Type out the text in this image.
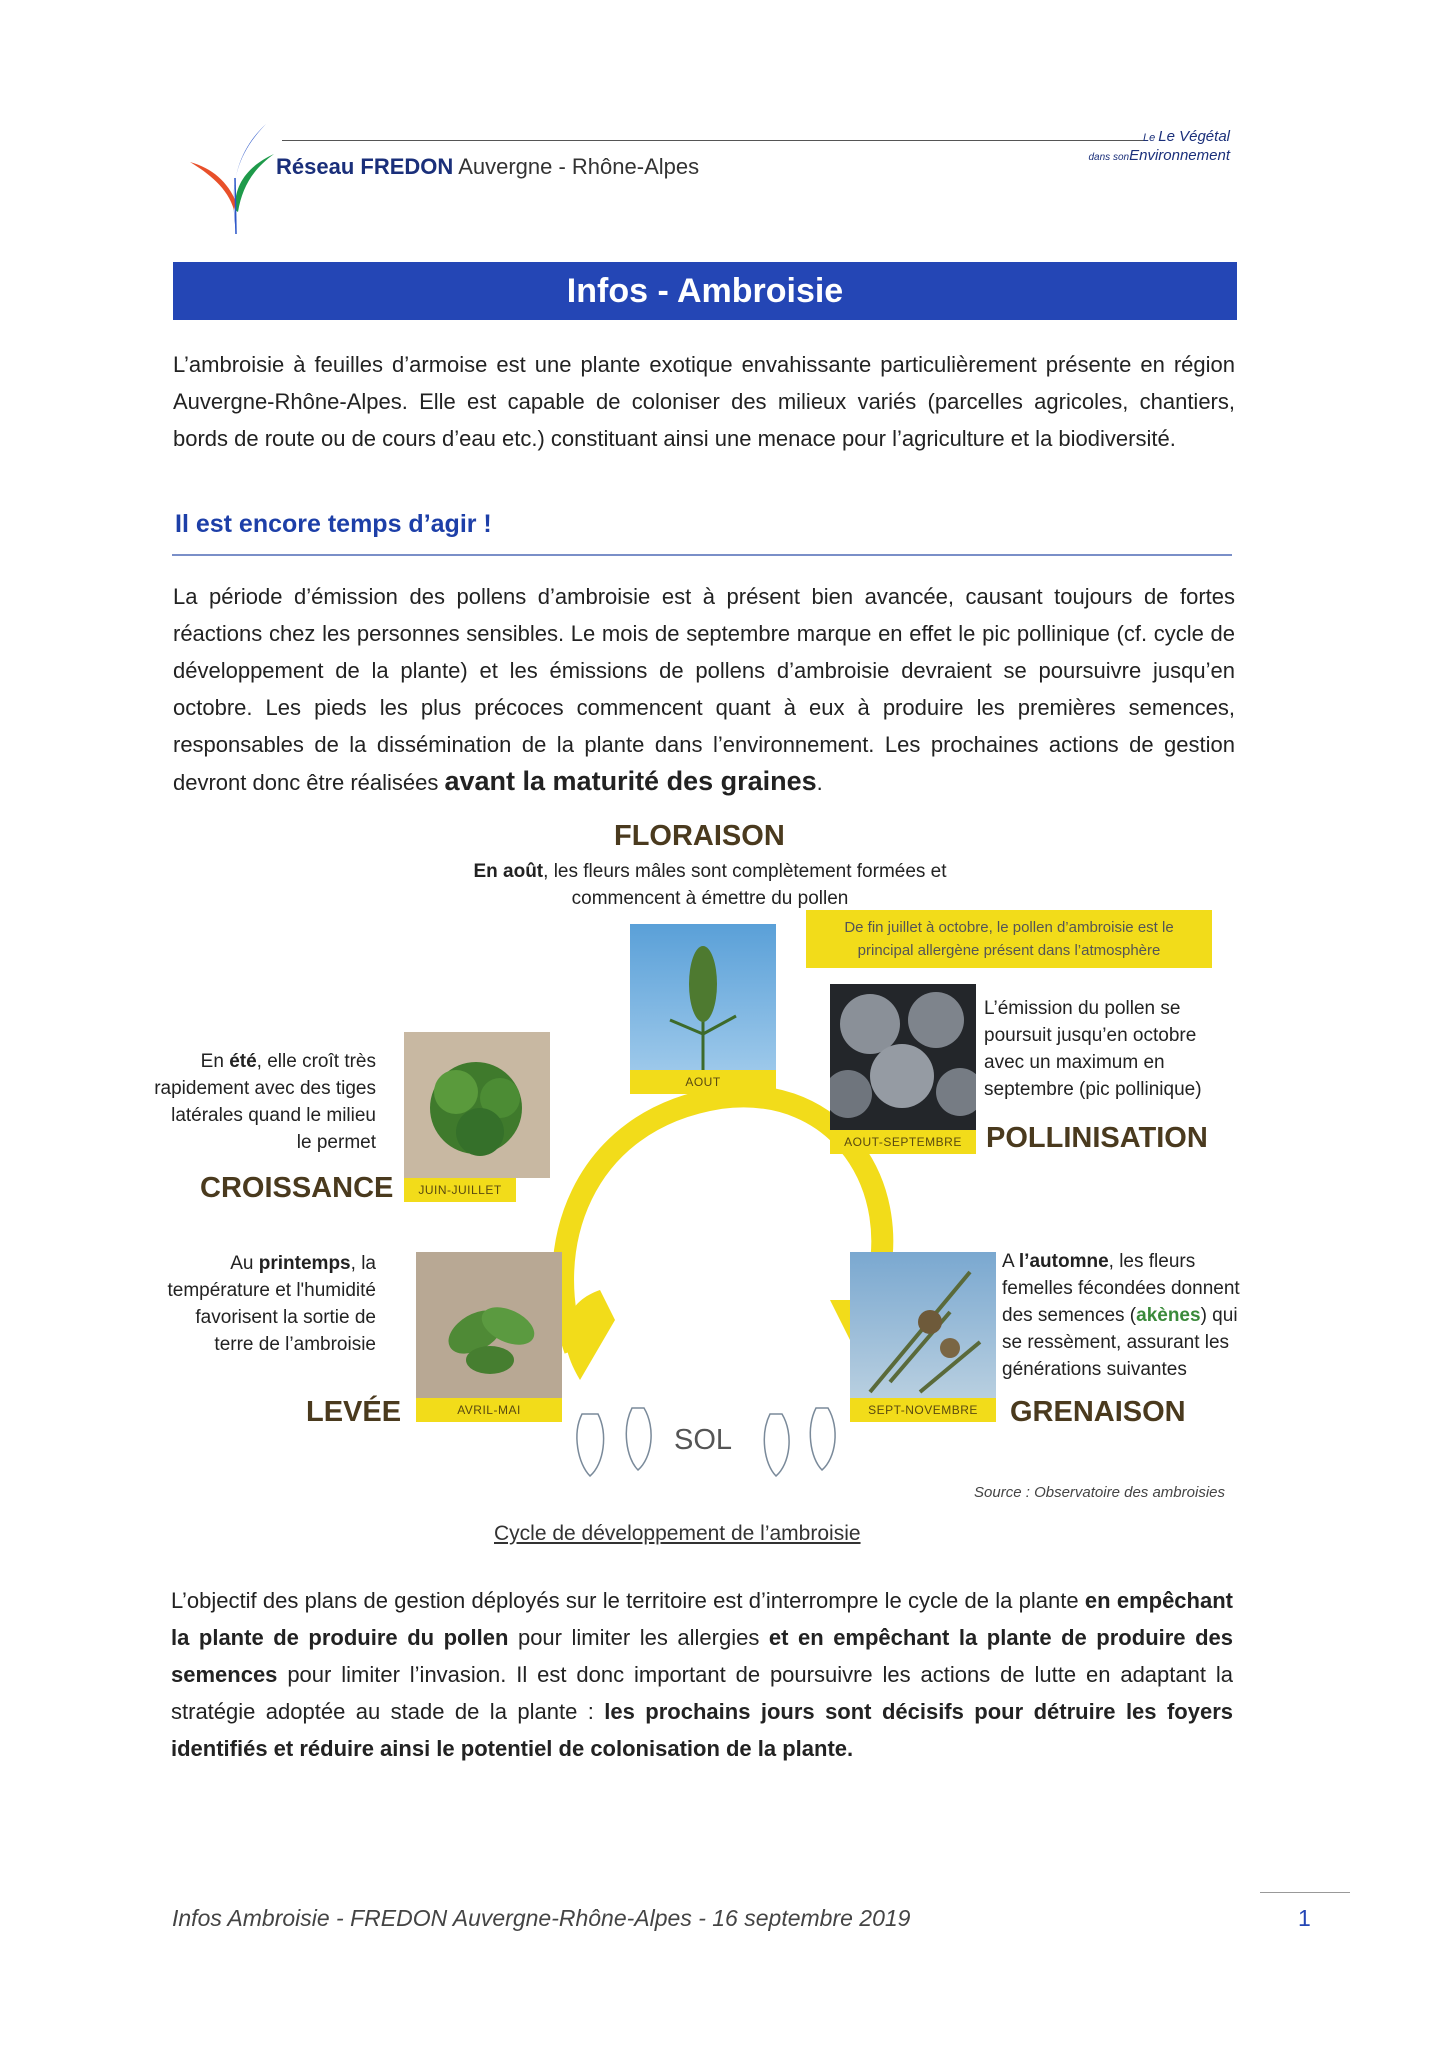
Réseau FREDON Auvergne - Rhône-Alpes
Le Le Végétal
dans sonEnvironnement
Infos - Ambroisie
L’ambroisie à feuilles d’armoise est une plante exotique envahissante particulièrement présente en région Auvergne-Rhône-Alpes. Elle est capable de coloniser des milieux variés (parcelles agricoles, chantiers, bords de route ou de cours d’eau etc.) constituant ainsi une menace pour l’agriculture et la biodiversité.
Il est encore temps d’agir !
La période d’émission des pollens d’ambroisie est à présent bien avancée, causant toujours de fortes réactions chez les personnes sensibles. Le mois de septembre marque en effet le pic pollinique (cf. cycle de développement de la plante) et les émissions de pollens d’ambroisie devraient se poursuivre jusqu’en octobre. Les pieds les plus précoces commencent quant à eux à produire les premières semences, responsables de la dissémination de la plante dans l’environnement. Les prochaines actions de gestion devront donc être réalisées avant la maturité des graines.
FLORAISON
En août, les fleurs mâles sont complètement formées et
commencent à émettre du pollen
AOUT
De fin juillet à octobre, le pollen d’ambroisie est le
principal allergène présent dans l’atmosphère
AOUT-SEPTEMBRE
L’émission du pollen se
poursuit jusqu’en octobre
avec un maximum en
septembre (pic pollinique)
POLLINISATION
En été, elle croît très
rapidement avec des tiges
latérales quand le milieu
le permet
JUIN-JUILLET
CROISSANCE
Au printemps, la
température et l'humidité
favorisent la sortie de
terre de l’ambroisie
AVRIL-MAI
LEVÉE	SEPT-NOVEMBRE
A l’automne, les fleurs
femelles fécondées donnent
des semences (akènes) qui
se ressèment, assurant les
générations suivantes
GRENAISON
SOL
Source : Observatoire des ambroisies
Cycle de développement de l’ambroisie
L’objectif des plans de gestion déployés sur le territoire est d’interrompre le cycle de la plante en empêchant la plante de produire du pollen pour limiter les allergies et en empêchant la plante de produire des semences pour limiter l’invasion. Il est donc important de poursuivre les actions de lutte en adaptant la stratégie adoptée au stade de la plante : les prochains jours sont décisifs pour détruire les foyers identifiés et réduire ainsi le potentiel de colonisation de la plante.
Infos Ambroisie - FREDON Auvergne-Rhône-Alpes - 16 septembre 2019	1
